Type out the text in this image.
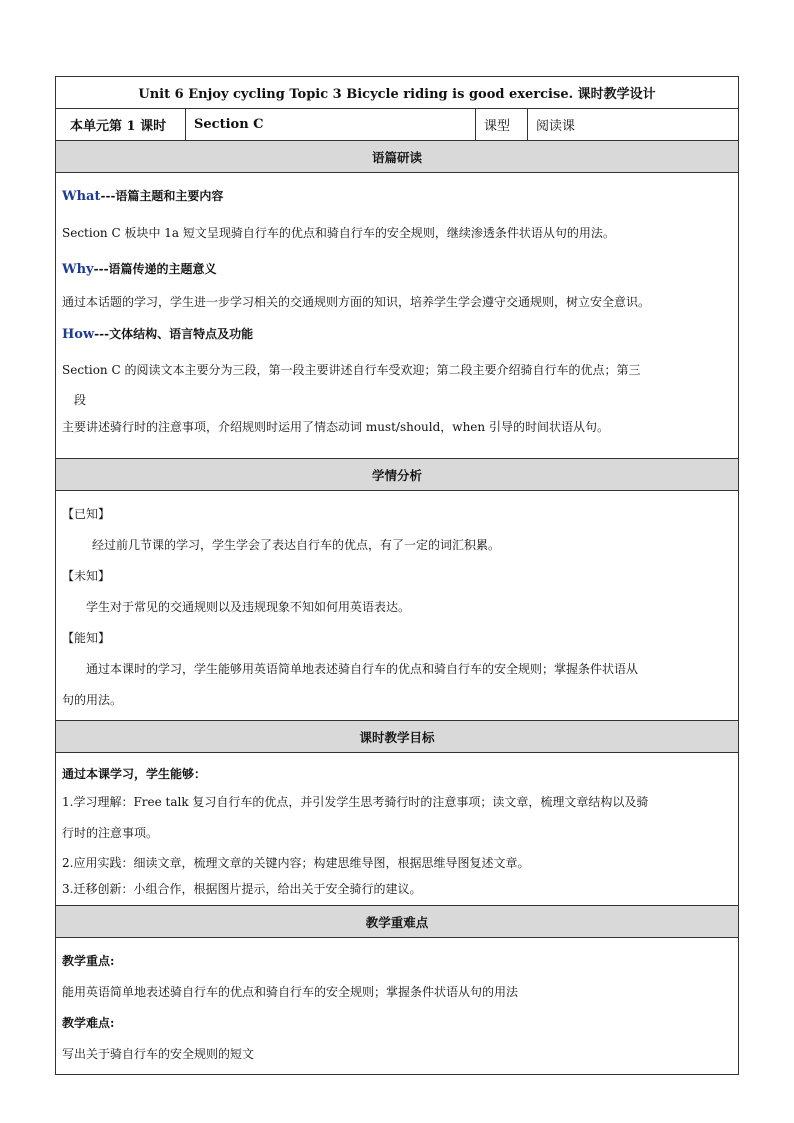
Unit 6 Enjoy cycling Topic 3 Bicycle riding is good exercise. 课时教学设计
本单元第 1 课时	Section C	课型	阅读课
语篇研读

What---语篇主题和主要内容

Section C 板块中 1a 短文呈现骑自行车的优点和骑自行车的安全规则，继续渗透条件状语从句的用法。

Why---语篇传递的主题意义

通过本话题的学习，学生进一步学习相关的交通规则方面的知识，培养学生学会遵守交通规则，树立安全意识。

How---文体结构、语言特点及功能

Section C 的阅读文本主要分为三段，第一段主要讲述自行车受欢迎；第二段主要介绍骑自行车的优点；第三

段

主要讲述骑行时的注意事项，介绍规则时运用了情态动词 must/should，when 引导的时间状语从句。

学情分析

【已知】

经过前几节课的学习，学生学会了表达自行车的优点，有了一定的词汇积累。

【未知】

学生对于常见的交通规则以及违规现象不知如何用英语表达。

【能知】

通过本课时的学习，学生能够用英语简单地表述骑自行车的优点和骑自行车的安全规则；掌握条件状语从

句的用法。

课时教学目标

通过本课学习，学生能够：

1.学习理解：Free talk 复习自行车的优点，并引发学生思考骑行时的注意事项；读文章，梳理文章结构以及骑

行时的注意事项。

2.应用实践：细读文章，梳理文章的关键内容；构建思维导图，根据思维导图复述文章。

3.迁移创新：小组合作，根据图片提示，给出关于安全骑行的建议。

教学重难点

教学重点:

能用英语简单地表述骑自行车的优点和骑自行车的安全规则；掌握条件状语从句的用法

教学难点:

写出关于骑自行车的安全规则的短文
